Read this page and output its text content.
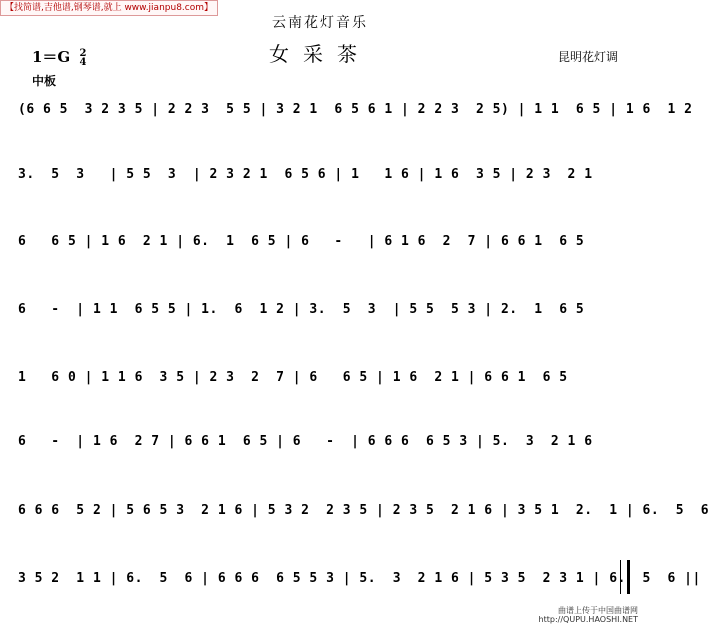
【找简谱,吉他谱,钢琴谱,就上 www.jianpu8.com】
云南花灯音乐
女采茶	昆明花灯调
1＝G 2
4
中板
(6 6 5  3 2 3 5 | 2 2 3  5 5 | 3 2 1  6 5 6 1 | 2 2 3  2 5) | 1 1  6 5 | 1 6  1 2
3.  5  3   | 5 5  3  | 2 3 2 1  6 5 6 | 1   1 6 | 1 6  3 5 | 2 3  2 1
6   6 5 | 1 6  2 1 | 6.  1  6 5 | 6   -   | 6 1 6  2  7 | 6 6 1  6 5
6   -  | 1 1  6 5 5 | 1.  6  1 2 | 3.  5  3  | 5 5  5 3 | 2.  1  6 5
1   6 0 | 1 1 6  3 5 | 2 3  2  7 | 6   6 5 | 1 6  2 1 | 6 6 1  6 5
6   -  | 1 6  2 7 | 6 6 1  6 5 | 6   -  | 6 6 6  6 5 3 | 5.  3  2 1 6
6 6 6  5 2 | 5 6 5 3  2 1 6 | 5 3 2  2 3 5 | 2 3 5  2 1 6 | 3 5 1  2.  1 | 6.  5  6
3 5 2  1 1 | 6.  5  6 | 6 6 6  6 5 5 3 | 5.  3  2 1 6 | 5 3 5  2 3 1 | 6.  5  6 ||
曲谱上传于中国曲谱网
http://QUPU.HAOSHI.NET
